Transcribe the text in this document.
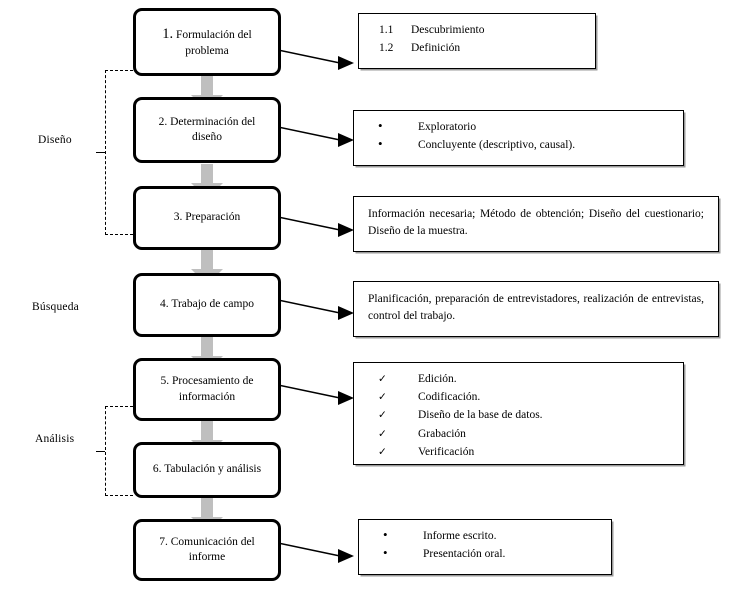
Diseño
Búsqueda
Análisis
1. Formulación del problema
2. Determinación del diseño
3. Preparación
4. Trabajo de campo
5. Procesamiento de información
6. Tabulación y análisis
7. Comunicación del informe
1.1	Descubrimiento
1.2	Definición
•	Exploratorio
•	Concluyente (descriptivo, causal).

Información necesaria; Método de obtención; Diseño del cuestionario; Diseño de la muestra.

Planificación, preparación de entrevistadores, realización de entrevistas, control del trabajo.

✓	Edición.
✓	Codificación.
✓	Diseño de la base de datos.
✓	Grabación
✓	Verificación
•	Informe escrito.
•	Presentación oral.
